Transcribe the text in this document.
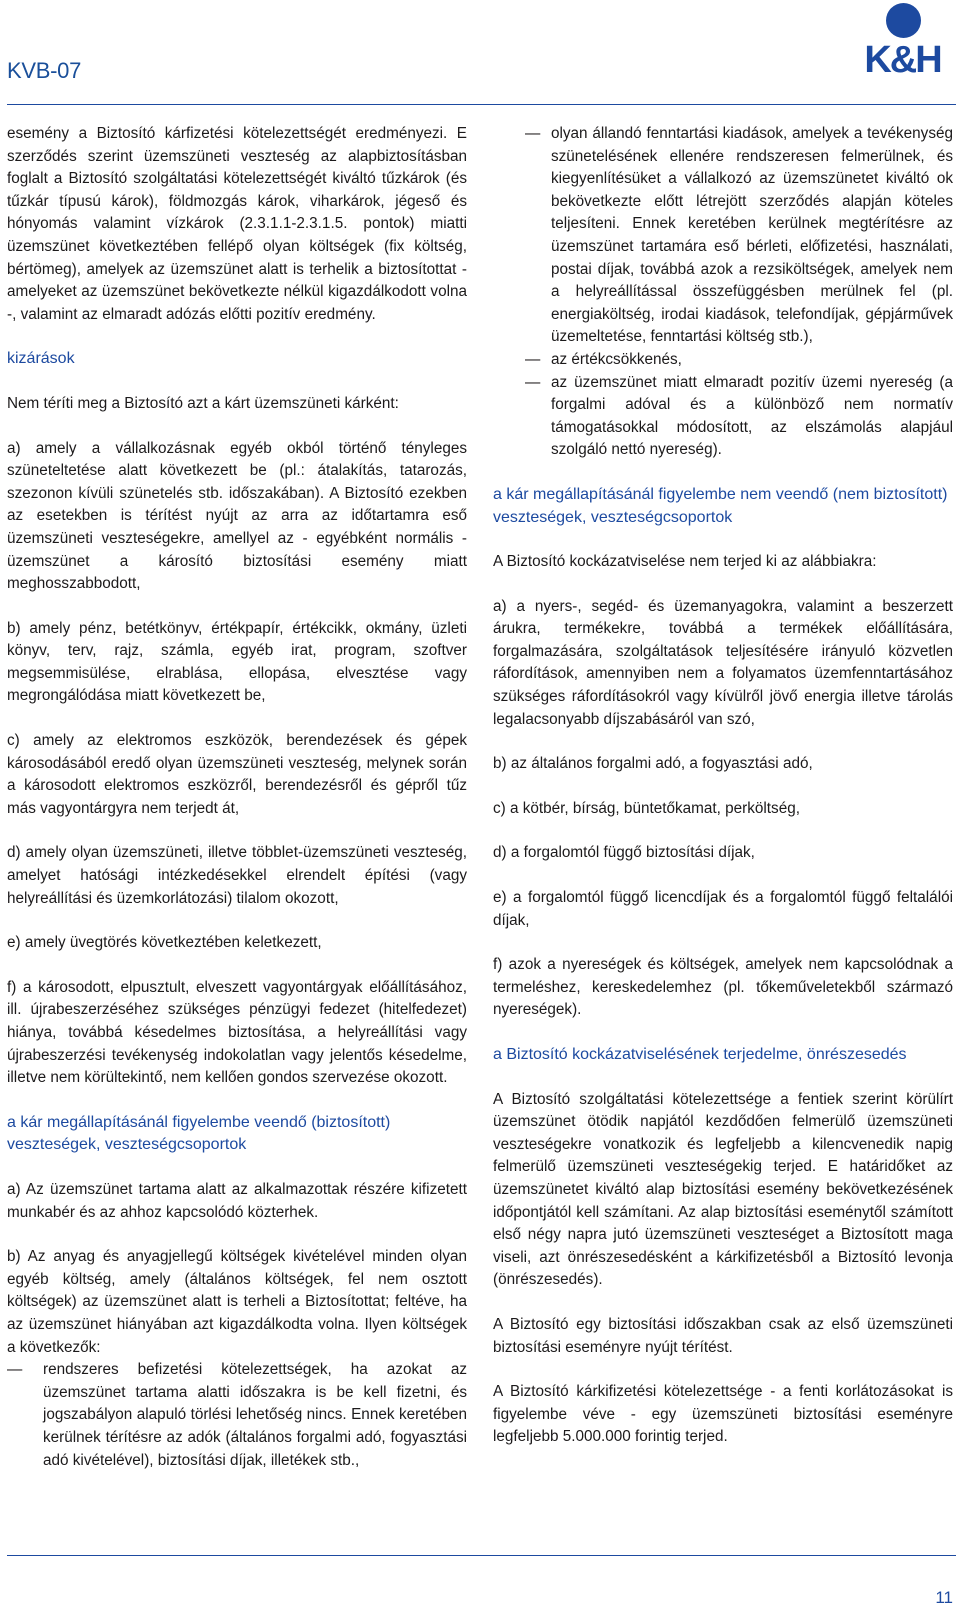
KVB-07	K&H

esemény a Biztosító kárfizetési kötelezettségét eredményezi. E szerződés szerint üzemszüneti veszteség az alapbiztosításban foglalt a Biztosító szolgáltatási kötelezettségét kiváltó tűzkárok (és tűzkár típusú károk), földmozgás károk, viharkárok, jégeső és hónyomás valamint vízkárok (2.3.1.1-2.3.1.5. pontok) miatti üzemszünet következtében fellépő olyan költségek (fix költség, bértömeg), amelyek az üzemszünet alatt is terhelik a biztosítottat - amelyeket az üzemszünet bekövetkezte nélkül kigazdálkodott volna -, valamint az elmaradt adózás előtti pozitív eredmény.

kizárások

Nem téríti meg a Biztosító azt a kárt üzemszüneti kárként:

a) amely a vállalkozásnak egyéb okból történő tényleges szüneteltetése alatt következett be (pl.: átalakítás, tatarozás, szezonon kívüli szünetelés stb. időszakában). A Biztosító ezekben az esetekben is térítést nyújt az arra az időtartamra eső üzemszüneti veszteségekre, amellyel az - egyébként normális - üzemszünet a károsító biztosítási esemény miatt meghosszabbodott,

b) amely pénz, betétkönyv, értékpapír, értékcikk, okmány, üzleti könyv, terv, rajz, számla, egyéb irat, program, szoftver megsemmisülése, elrablása, ellopása, elvesztése vagy megrongálódása miatt következett be,

c) amely az elektromos eszközök, berendezések és gépek károsodásából eredő olyan üzemszüneti veszteség, melynek során a károsodott elektromos eszközről, berendezésről és gépről tűz más vagyontárgyra nem terjedt át,

d) amely olyan üzemszüneti, illetve többlet-üzemszüneti veszteség, amelyet hatósági intézkedésekkel elrendelt építési (vagy helyreállítási és üzemkorlátozási) tilalom okozott,

e) amely üvegtörés következtében keletkezett,

f) a károsodott, elpusztult, elveszett vagyontárgyak előállításához, ill. újrabeszerzéséhez szükséges pénzügyi fedezet (hitelfedezet) hiánya, továbbá késedelmes biztosítása, a helyreállítási vagy újrabeszerzési tevékenység indokolatlan vagy jelentős késedelme, illetve nem körültekintő, nem kellően gondos szervezése okozott.

a kár megállapításánál figyelembe veendő (biztosított) veszteségek, veszteségcsoportok

a) Az üzemszünet tartama alatt az alkalmazottak részére kifizetett munkabér és az ahhoz kapcsolódó közterhek.

b) Az anyag és anyagjellegű költségek kivételével minden olyan egyéb költség, amely (általános költségek, fel nem osztott költségek) az üzemszünet alatt is terheli a Biztosítottat; feltéve, ha az üzemszünet hiányában azt kigazdálkodta volna. Ilyen költségek a következők:

— rendszeres befizetési kötelezettségek, ha azokat az üzemszünet tartama alatti időszakra is be kell fizetni, és jogszabályon alapuló törlési lehetőség nincs. Ennek keretében kerülnek térítésre az adók (általános forgalmi adó, fogyasztási adó kivételével), biztosítási díjak, illetékek stb.,
— olyan állandó fenntartási kiadások, amelyek a tevékenység szünetelésének ellenére rendszeresen felmerülnek, és kiegyenlítésüket a vállalkozó az üzemszünetet kiváltó ok bekövetkezte előtt létrejött szerződés alapján köteles teljesíteni. Ennek keretében kerülnek megtérítésre az üzemszünet tartamára eső bérleti, előfizetési, használati, postai díjak, továbbá azok a rezsiköltségek, amelyek nem a helyreállítással összefüggésben merülnek fel (pl. energiaköltség, irodai kiadások, telefondíjak, gépjárművek üzemeltetése, fenntartási költség stb.),
— az értékcsökkenés,
— az üzemszünet miatt elmaradt pozitív üzemi nyereség (a forgalmi adóval és a különböző nem normatív támogatásokkal módosított, az elszámolás alapjául szolgáló nettó nyereség).
a kár megállapításánál figyelembe nem veendő (nem biztosított) veszteségek, veszteségcsoportok

A Biztosító kockázatviselése nem terjed ki az alábbiakra:

a) a nyers-, segéd- és üzemanyagokra, valamint a beszerzett árukra, termékekre, továbbá a termékek előállítására, forgalmazására, szolgáltatások teljesítésére irányuló közvetlen ráfordítások, amennyiben nem a folyamatos üzemfenntartásához szükséges ráfordításokról vagy kívülről jövő energia illetve tárolás legalacsonyabb díjszabásáról van szó,

b) az általános forgalmi adó, a fogyasztási adó,

c) a kötbér, bírság, büntetőkamat, perköltség,

d) a forgalomtól függő biztosítási díjak,

e) a forgalomtól függő licencdíjak és a forgalomtól függő feltalálói díjak,

f) azok a nyereségek és költségek, amelyek nem kapcsolódnak a termeléshez, kereskedelemhez (pl. tőkeműveletekből származó nyereségek).

a Biztosító kockázatviselésének terjedelme, önrészesedés

A Biztosító szolgáltatási kötelezettsége a fentiek szerint körülírt üzemszünet ötödik napjától kezdődően felmerülő üzemszüneti veszteségekre vonatkozik és legfeljebb a kilencvenedik napig felmerülő üzemszüneti veszteségekig terjed. E határidőket az üzemszünetet kiváltó alap biztosítási esemény bekövetkezésének időpontjától kell számítani. Az alap biztosítási eseménytől számított első négy napra jutó üzemszüneti veszteséget a Biztosított maga viseli, azt önrészesedésként a kárkifizetésből a Biztosító levonja (önrészesedés).

A Biztosító egy biztosítási időszakban csak az első üzemszüneti biztosítási eseményre nyújt térítést.

A Biztosító kárkifizetési kötelezettsége - a fenti korlátozásokat is figyelembe véve - egy üzemszüneti biztosítási eseményre legfeljebb 5.000.000 forintig terjed.

11
